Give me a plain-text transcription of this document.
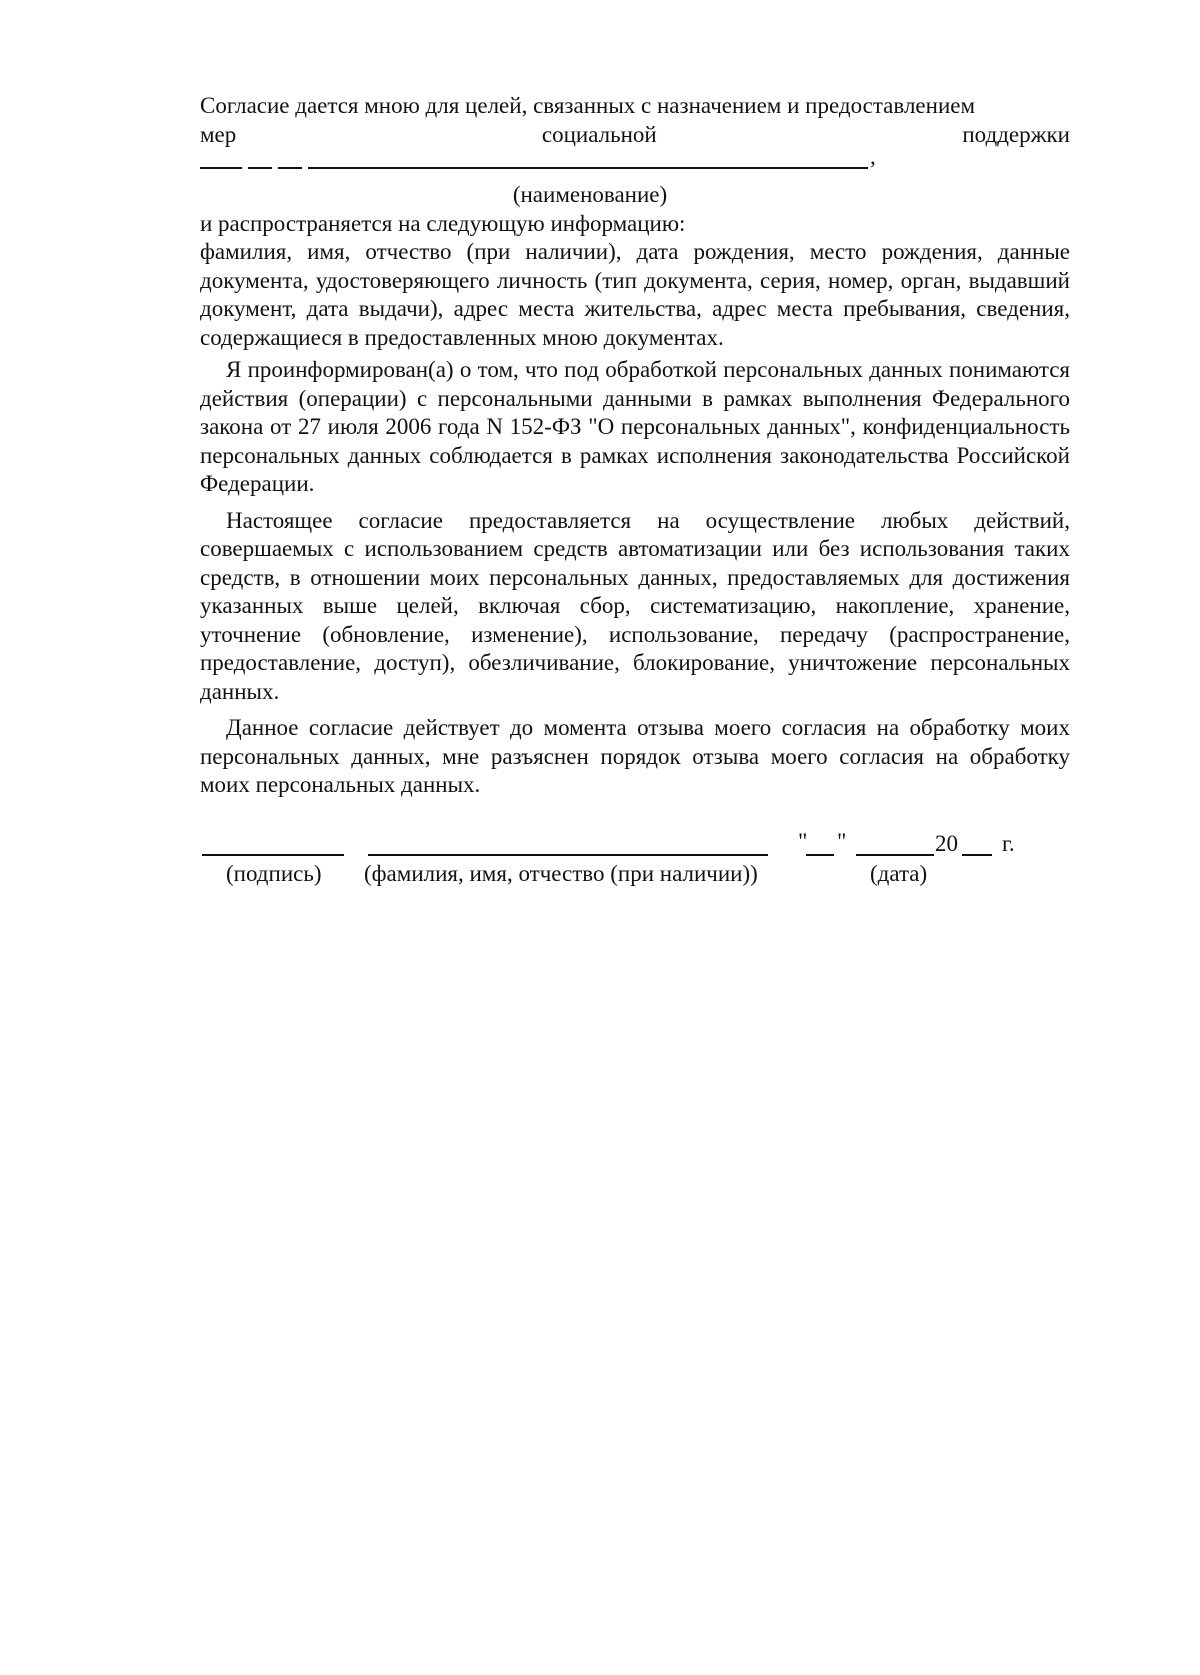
Согласие дается мною для целей, связанных с назначением и предоставлением
мер	социальной	поддержки
,
(наименование)
и распространяется на следующую информацию:
фамилия, имя, отчество (при наличии), дата рождения, место рождения, данные документа, удостоверяющего личность (тип документа, серия, номер, орган, выдавший документ, дата выдачи), адрес места жительства, адрес места пребывания, сведения, содержащиеся в предоставленных мною документах.
Я проинформирован(а) о том, что под обработкой персональных данных понимаются действия (операции) с персональными данными в рамках выполнения Федерального закона от 27 июля 2006 года N 152-ФЗ "О персональных данных", конфиденциальность персональных данных соблюдается в рамках исполнения законодательства Российской Федерации.
Настоящее согласие предоставляется на осуществление любых действий, совершаемых с использованием средств автоматизации или без использования таких средств, в отношении моих персональных данных, предоставляемых для достижения указанных выше целей, включая сбор, систематизацию, накопление, хранение, уточнение (обновление, изменение), использование, передачу (распространение, предоставление, доступ), обезличивание, блокирование, уничтожение персональных данных.
Данное согласие действует до момента отзыва моего согласия на обработку моих персональных данных, мне разъяснен порядок отзыва моего согласия на обработку моих персональных данных.
" "	20 г.
(подпись) (фамилия, имя, отчество (при наличии))	(дата)
